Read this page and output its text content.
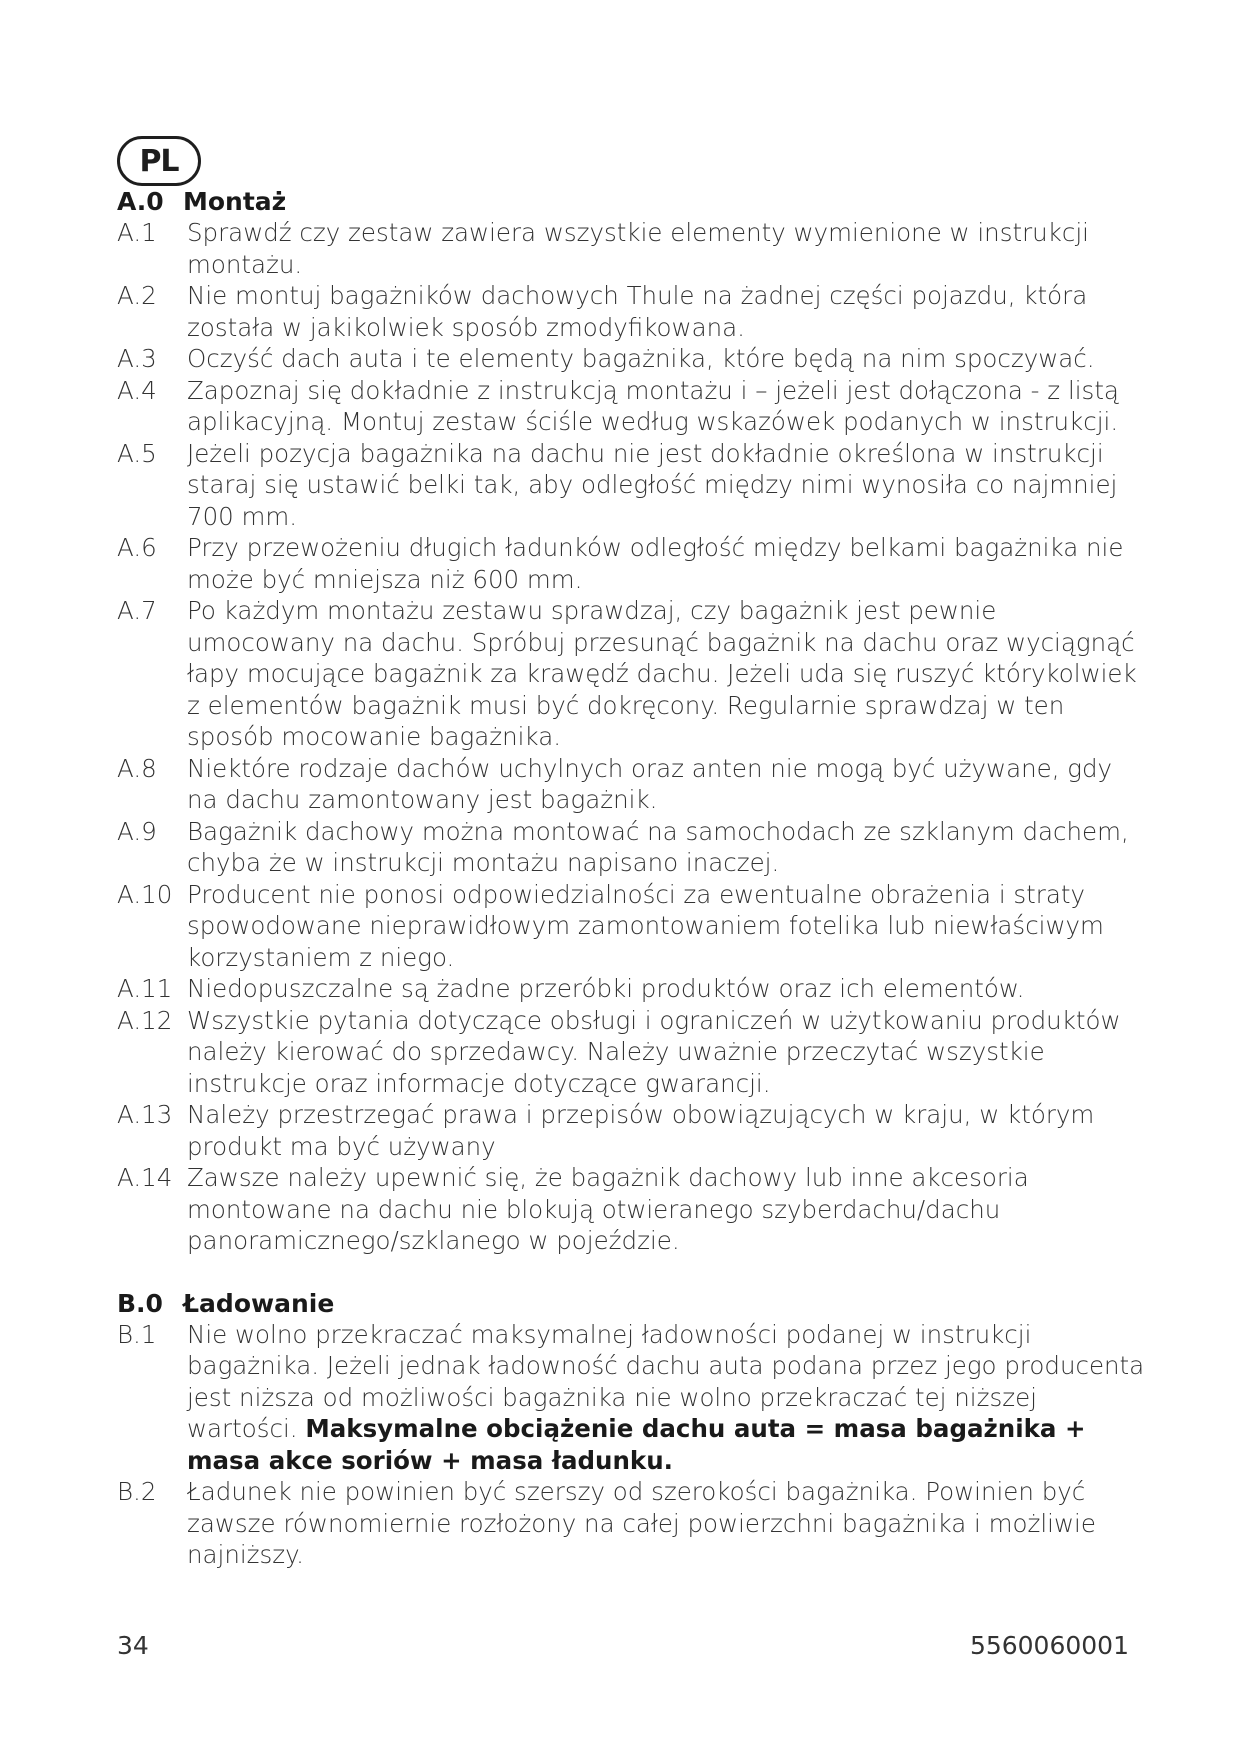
PL
A.0 Montaż
A.1 Sprawdź czy zestaw zawiera wszystkie elementy wymienione w instrukcji montażu.
A.2 Nie montuj bagażników dachowych Thule na żadnej części pojazdu, która została w jakikolwiek sposób zmodyfikowana.
A.3 Oczyść dach auta i te elementy bagażnika, które będą na nim spoczywać.
A.4 Zapoznaj się dokładnie z instrukcją montażu i – jeżeli jest dołączona - z listą aplikacyjną. Montuj zestaw ściśle według wskazówek podanych w instrukcji.
A.5 Jeżeli pozycja bagażnika na dachu nie jest dokładnie określona w instrukcji staraj się ustawić belki tak, aby odległość między nimi wynosiła co najmniej 700 mm.
A.6 Przy przewożeniu długich ładunków odległość między belkami bagażnika nie może być mniejsza niż 600 mm.
A.7 Po każdym montażu zestawu sprawdzaj, czy bagażnik jest pewnie umocowany na dachu. Spróbuj przesunąć bagażnik na dachu oraz wyciągnąć łapy mocujące bagażnik za krawędź dachu. Jeżeli uda się ruszyć którykolwiek z elementów bagażnik musi być dokręcony. Regularnie sprawdzaj w ten sposób mocowanie bagażnika.
A.8 Niektóre rodzaje dachów uchylnych oraz anten nie mogą być używane, gdy na dachu zamontowany jest bagażnik.
A.9 Bagażnik dachowy można montować na samochodach ze szklanym dachem, chyba że w instrukcji montażu napisano inaczej.
A.10 Producent nie ponosi odpowiedzialności za ewentualne obrażenia i straty spowodowane nieprawidłowym zamontowaniem fotelika lub niewłaściwym korzystaniem z niego.
A.11 Niedopuszczalne są żadne przeróbki produktów oraz ich elementów.
A.12 Wszystkie pytania dotyczące obsługi i ograniczeń w użytkowaniu produktów należy kierować do sprzedawcy. Należy uważnie przeczytać wszystkie instrukcje oraz informacje dotyczące gwarancji.
A.13 Należy przestrzegać prawa i przepisów obowiązujących w kraju, w którym produkt ma być używany
A.14 Zawsze należy upewnić się, że bagażnik dachowy lub inne akcesoria montowane na dachu nie blokują otwieranego szyberdachu/dachu panoramicznego/szklanego w pojeździe.
B.0 Ładowanie
B.1 Nie wolno przekraczać maksymalnej ładowności podanej w instrukcji bagażnika. Jeżeli jednak ładowność dachu auta podana przez jego producenta jest niższa od możliwości bagażnika nie wolno przekraczać tej niższej wartości. Maksymalne obciążenie dachu auta = masa bagażnika + masa akce soriów + masa ładunku.
B.2 Ładunek nie powinien być szerszy od szerokości bagażnika. Powinien być zawsze równomiernie rozłożony na całej powierzchni bagażnika i możliwie najniższy.
34	5560060001
